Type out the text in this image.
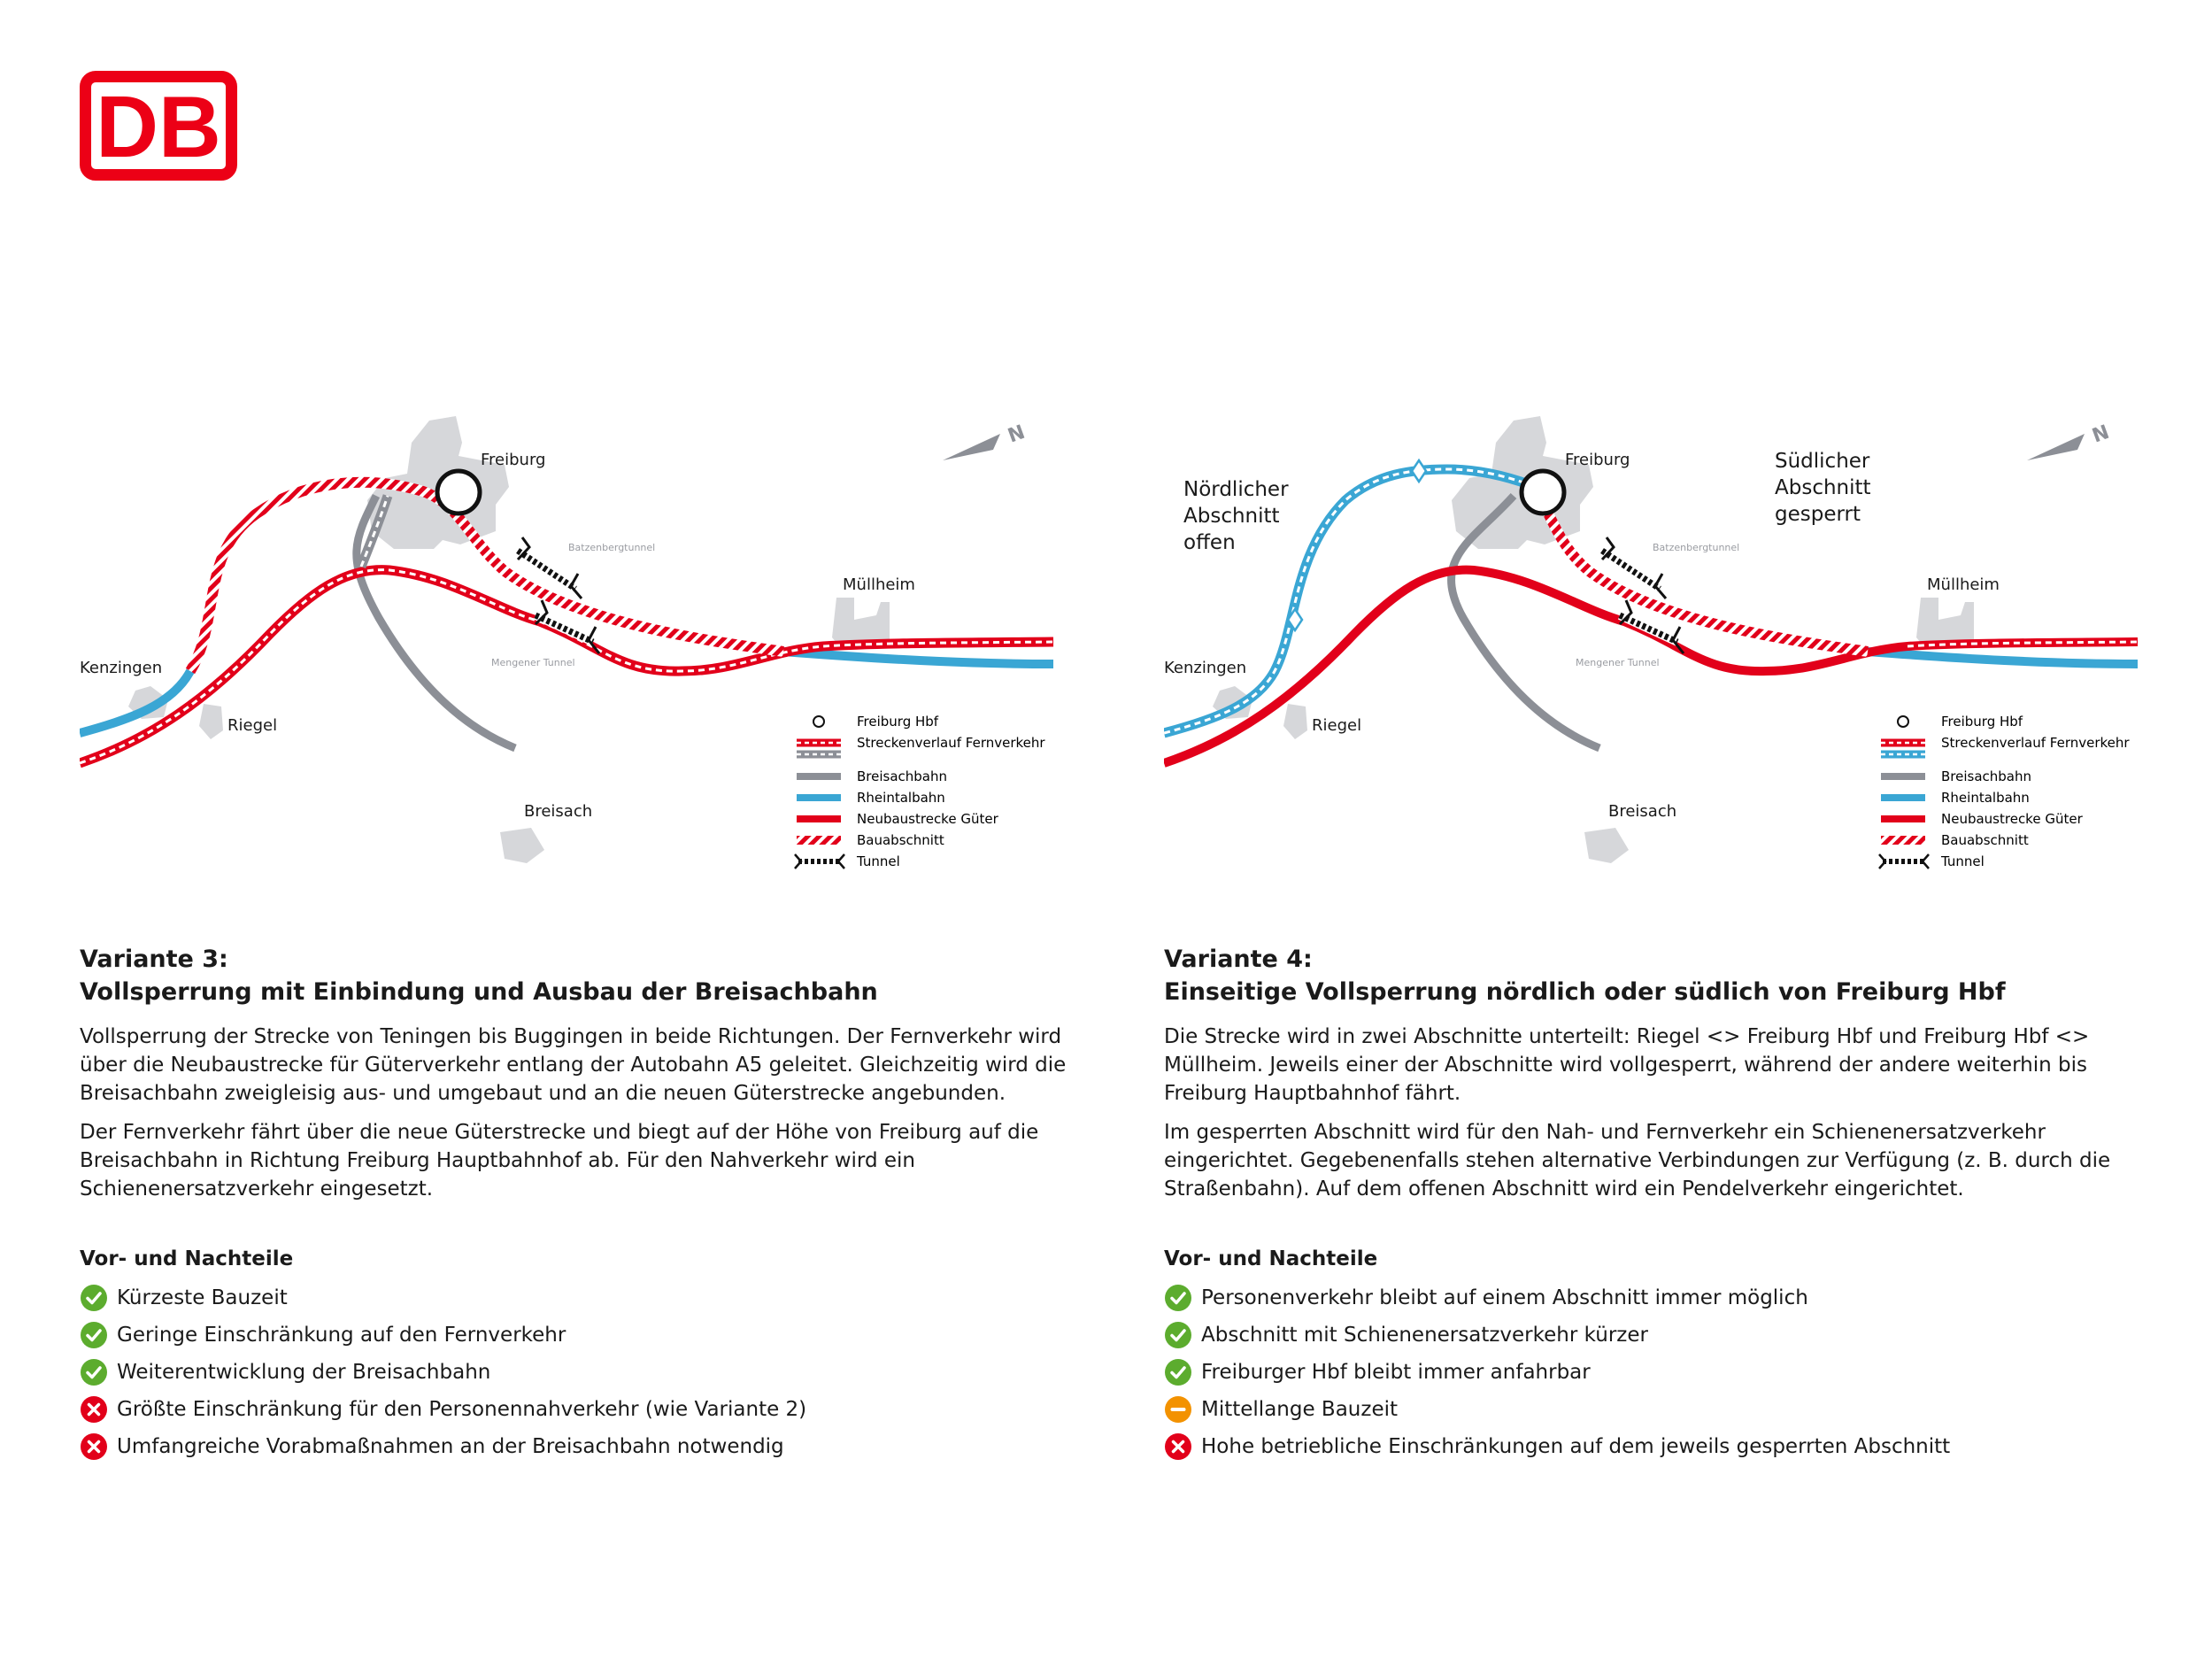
DB
N
Freiburg
Kenzingen
Riegel
Breisach
Müllheim
Batzenbergtunnel
Mengener Tunnel
Freiburg Hbf
Streckenverlauf Fernverkehr
Breisachbahn
Rheintalbahn
Neubaustrecke Güter
Bauabschnitt
Tunnel
Variante 3:
Vollsperrung mit Einbindung und Ausbau der Breisachbahn

Vollsperrung der Strecke von Teningen bis Buggingen in beide Richtungen. Der Fernverkehr wird über die Neubaustrecke für Güterverkehr entlang der Autobahn A5 geleitet. Gleichzeitig wird die Breisachbahn zweigleisig aus- und umgebaut und an die neuen Güterstrecke angebunden.

Der Fernverkehr fährt über die neue Güterstrecke und biegt auf der Höhe von Freiburg auf die Breisachbahn in Richtung Freiburg Hauptbahnhof ab. Für den Nahverkehr wird ein Schienenersatzverkehr eingesetzt.

Vor- und Nachteile
Kürzeste Bauzeit
Geringe Einschränkung auf den Fernverkehr
Weiterentwicklung der Breisachbahn
Größte Einschränkung für den Personennahverkehr (wie Variante 2)
Umfangreiche Vorabmaßnahmen an der Breisachbahn notwendig
N
Freiburg
Kenzingen
Riegel
Breisach
Müllheim
Nördlicher
Abschnitt
offen
Südlicher
Abschnitt
gesperrt
Batzenbergtunnel
Mengener Tunnel
Freiburg Hbf
Streckenverlauf Fernverkehr
Breisachbahn
Rheintalbahn
Neubaustrecke Güter
Bauabschnitt
Tunnel
Variante 4:
Einseitige Vollsperrung nördlich oder südlich von Freiburg Hbf

Die Strecke wird in zwei Abschnitte unterteilt: Riegel <> Freiburg Hbf und Freiburg Hbf <> Müllheim. Jeweils einer der Abschnitte wird vollgesperrt, während der andere weiterhin bis Freiburg Hauptbahnhof fährt.

Im gesperrten Abschnitt wird für den Nah- und Fernverkehr ein Schienenersatzverkehr eingerichtet. Gegebenenfalls stehen alternative Verbindungen zur Verfügung (z. B. durch die Straßenbahn). Auf dem offenen Abschnitt wird ein Pendelverkehr eingerichtet.

Vor- und Nachteile
Personenverkehr bleibt auf einem Abschnitt immer möglich
Abschnitt mit Schienenersatzverkehr kürzer
Freiburger Hbf bleibt immer anfahrbar
Mittellange Bauzeit
Hohe betriebliche Einschränkungen auf dem jeweils gesperrten Abschnitt
